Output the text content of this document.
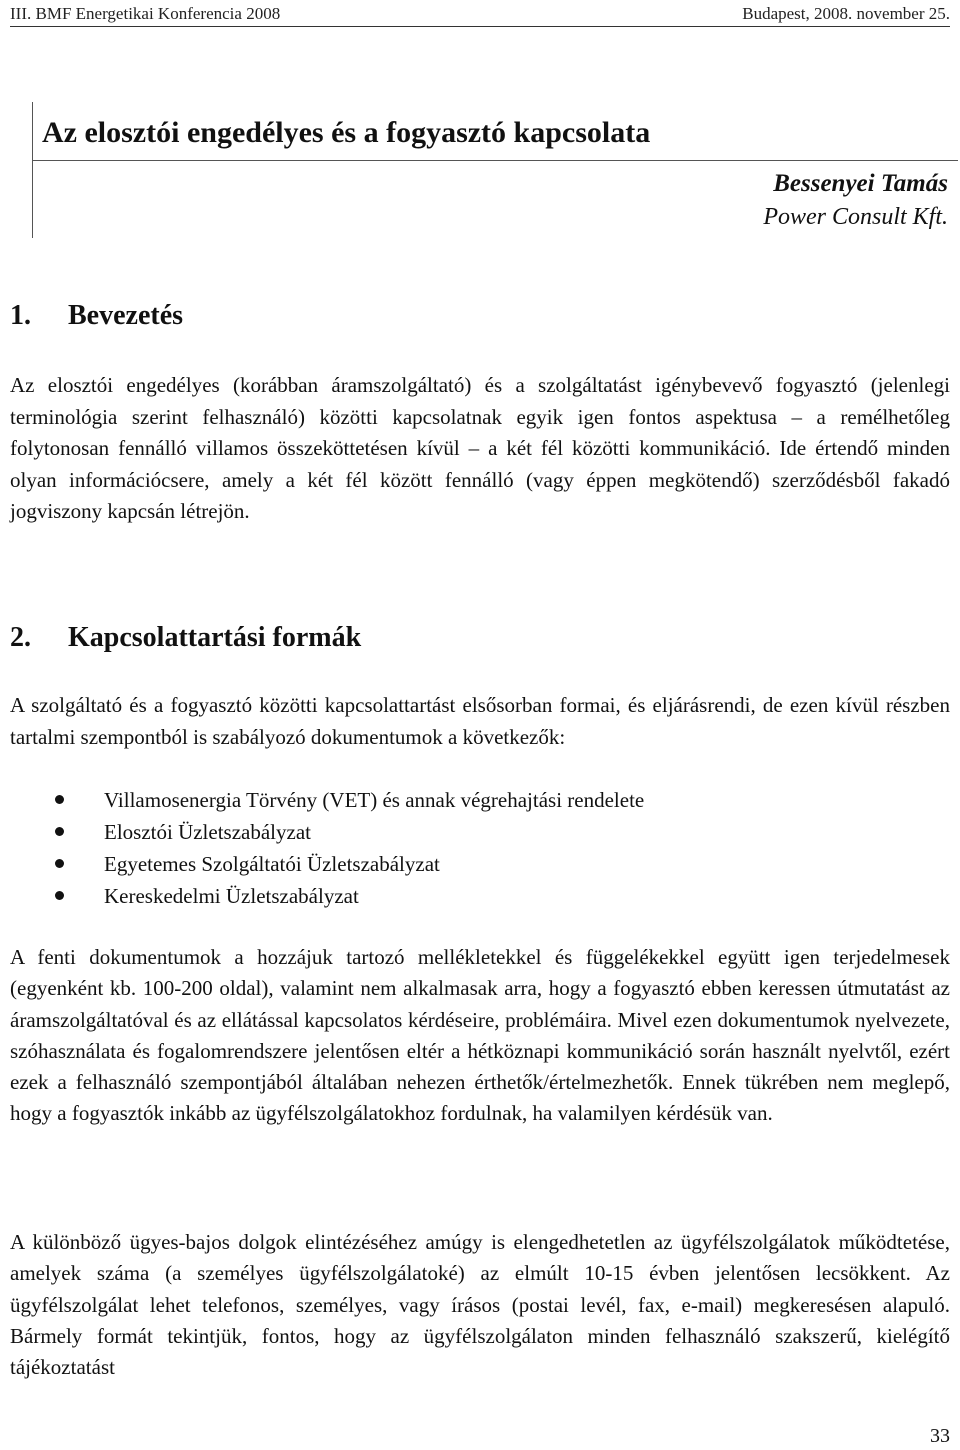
III. BMF Energetikai Konferencia 2008	Budapest, 2008. november 25.
Az elosztói engedélyes és a fogyasztó kapcsolata
Bessenyei Tamás
Power Consult Kft.
1. Bevezetés

Az elosztói engedélyes (korábban áramszolgáltató) és a szolgáltatást igénybevevő fogyasztó (jelenlegi terminológia szerint felhasználó) közötti kapcsolatnak egyik igen fontos aspektusa – a remélhetőleg folytonosan fennálló villamos összeköttetésen kívül – a két fél közötti kommunikáció. Ide értendő minden olyan információcsere, amely a két fél között fennálló (vagy éppen megkötendő) szerződésből fakadó jogviszony kapcsán létrejön.

2. Kapcsolattartási formák

A szolgáltató és a fogyasztó közötti kapcsolattartást elsősorban formai, és eljárásrendi, de ezen kívül részben tartalmi szempontból is szabályozó dokumentumok a következők:

Villamosenergia Törvény (VET) és annak végrehajtási rendelete
Elosztói Üzletszabályzat
Egyetemes Szolgáltatói Üzletszabályzat
Kereskedelmi Üzletszabályzat

A fenti dokumentumok a hozzájuk tartozó mellékletekkel és függelékekkel együtt igen terjedelmesek (egyenként kb. 100-200 oldal), valamint nem alkalmasak arra, hogy a fogyasztó ebben keressen útmutatást az áramszolgáltatóval és az ellátással kapcsolatos kérdéseire, problémáira. Mivel ezen dokumentumok nyelvezete, szóhasználata és fogalomrendszere jelentősen eltér a hétköznapi kommunikáció során használt nyelvtől, ezért ezek a felhasználó szempontjából általában nehezen érthetők/értelmezhetők. Ennek tükrében nem meglepő, hogy a fogyasztók inkább az ügyfélszolgálatokhoz fordulnak, ha valamilyen kérdésük van.

A különböző ügyes-bajos dolgok elintézéséhez amúgy is elengedhetetlen az ügyfélszolgálatok működtetése, amelyek száma (a személyes ügyfélszolgálatoké) az elmúlt 10-15 évben jelentősen lecsökkent. Az ügyfélszolgálat lehet telefonos, személyes, vagy írásos (postai levél, fax, e-mail) megkeresésen alapuló. Bármely formát tekintjük, fontos, hogy az ügyfélszolgálaton minden felhasználó szakszerű, kielégítő tájékoztatást

33
